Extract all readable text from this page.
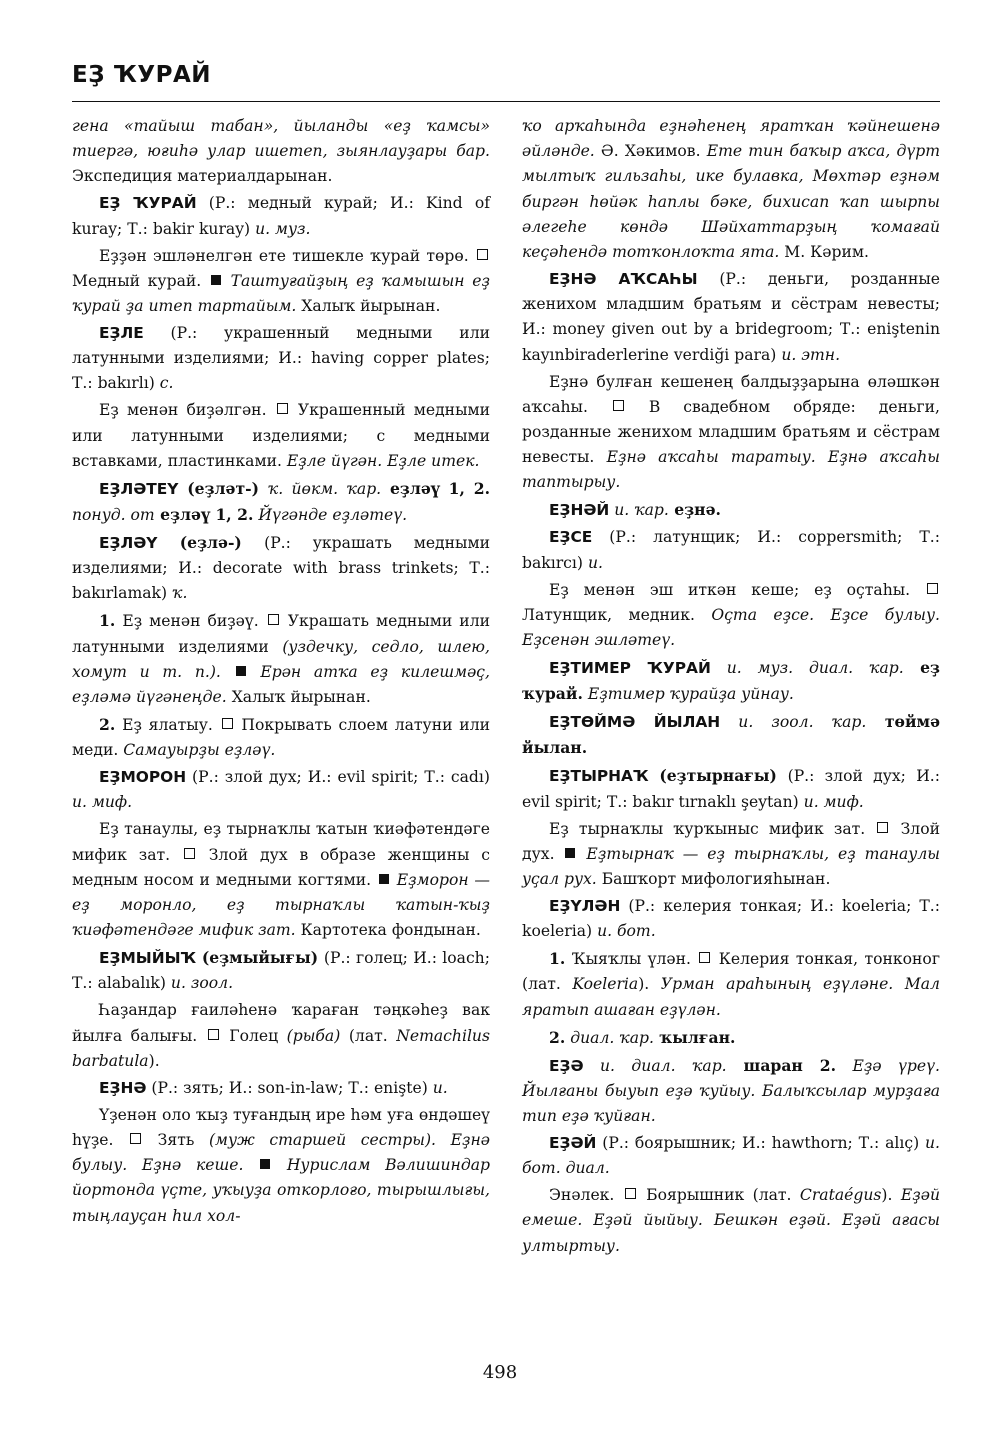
ЕҘ ҠУРАЙ

гена «тайыш табан», йыланды «еҙ ҡамсы» тиергә, юғиһә улар ишетеп, зыянлауҙары бар. Экспедиция материалдарынан.

ЕҘ ҠУРАЙ (Р.: медный курай; И.: Kind of kuray; Т.: bakir kuray) и. муз.

Еҙҙән эшләнелгән ете тишекле ҡурай төрө.  Медный курай.  Таштуғайҙың еҙ ҡамышын еҙ ҡурай ҙа итеп тартайым. Халыҡ йырынан.

ЕҘЛЕ (Р.: украшенный медными или латунными изделиями; И.: having copper plates; Т.: bakırlı) с.

Еҙ менән биҙәлгән.  Украшенный медными или латунными изделиями; с медными вставками, пластинками. Еҙле йүгән. Еҙле итек.

ЕҘЛӘТЕҮ (еҙләт-) ҡ. йөкм. ҡар. еҙләү 1, 2. понуд. от еҙләү 1, 2. Йүгәнде еҙләтеү.

ЕҘЛӘҮ (еҙлә-) (Р.: украшать медными изделиями; И.: decorate with brass trinkets; Т.: bakırlamak) ҡ.

1. Еҙ менән биҙәү.  Украшать медными или латунными изделиями (уздечку, седло, шлею, хомут и т. п.).  Ерән атҡа еҙ килешмәҫ, еҙләмә йүгәнеңде. Халыҡ йырынан.

2. Еҙ ялатыу.  Покрывать слоем латуни или меди. Самауырҙы еҙләү.

ЕҘМОРОН (Р.: злой дух; И.: evil spirit; Т.: cadı) и. миф.

Еҙ танаулы, еҙ тырнаҡлы ҡатын ҡиәфәтендәге мифик зат.  Злой дух в образе женщины с медным носом и медными когтями.  Еҙморон — еҙ моронло, еҙ тырнаҡлы ҡатын-ҡыҙ ҡиәфәтендәге мифик зат. Картотека фондынан.

ЕҘМЫЙЫҠ (еҙмыйығы) (Р.: голец; И.: loach; Т.: alabalık) и. зоол.

Һаҙандар ғаиләһенә ҡараған тәңкәһеҙ вак йылға балығы.  Голец (рыба) (лат. Nemachilus barbatula).

ЕҘНӘ (Р.: зять; И.: son-in-law; Т.: enişte) и.

Үҙенән оло ҡыҙ туғандың ире һәм уға өндәшеү һүҙе.  Зять (муж старшей сестры). Еҙнә булыу. Еҙнә кеше.  Нурислам Вәлишиндар йортонда үҫте, уҡыуҙа откорлоғо, тырышлығы, тыңлауҫан һил хол-

ҡо арҡаһында еҙнәһенең яратҡан ҡәйнешенә әйләнде. Ә. Хәкимов. Ете тин баҡыр аҡса, дүрт мылтыҡ гильзаһы, ике булавка, Мөхтәр еҙнәм биргән һөйәк һаплы бәке, бихисап ҡап шырпы әлегеһе көндә Шәйхаттарҙың ҡомағай кеҫәһендә тотҡонлоҡта ята. М. Кәрим.

ЕҘНӘ АҠСАҺЫ (Р.: деньги, розданные женихом младшим братьям и сёстрам невесты; И.: money given out by a bridegroom; Т.: eniştenin kayınbiraderlerine verdiği para) и. этн.

Еҙнә булған кешенең балдыҙҙарына өләшкән аҡсаһы.  В свадебном обряде: деньги, розданные женихом младшим братьям и сёстрам невесты. Еҙнә аҡсаһы таратыу. Еҙнә аҡсаһы таптырыу.

ЕҘНӘЙ и. ҡар. еҙнә.

ЕҘСЕ (Р.: латунщик; И.: coppersmith; Т.: bakırcı) и.

Еҙ менән эш иткән кеше; еҙ оҫтаһы.  Латунщик, медник. Оҫта еҙсе. Еҙсе булыу. Еҙсенән эшләтеү.

ЕҘТИМЕР ҠУРАЙ и. муз. диал. ҡар. еҙ ҡурай. Еҙтимер ҡурайҙа уйнау.

ЕҘТӨЙМӘ ЙЫЛАН и. зоол. ҡар. төймә йылан.

ЕҘТЫРНАҠ (еҙтырнағы) (Р.: злой дух; И.: evil spirit; Т.: bakır tırnaklı şeytan) и. миф.

Еҙ тырнаҡлы ҡурҡыныс мифик зат.  Злой дух.  Еҙтырнаҡ — еҙ тырнаҡлы, еҙ танаулы уҫал рух. Башҡорт мифологияһынан.

ЕҘҮЛӘН (Р.: келерия тонкая; И.: koeleria; Т.: koeleria) и. бот.

1. Ҡыяҡлы үлән.  Келерия тонкая, тонконог (лат. Koeleria). Урман араһының еҙүләне. Мал яратып ашаған еҙүлән.

2. диал. ҡар. ҡылған.

ЕҘӘ и. диал. ҡар. шаран 2. Еҙә үреү. Йылғаны быуып еҙә ҡуйыу. Балыҡсылар мурҙаға тип еҙә ҡуйған.

ЕҘӘЙ (Р.: боярышник; И.: hawthorn; Т.: alıç) и. бот. диал.

Энәлек.  Боярышник (лат. Crataégus). Еҙәй емеше. Еҙәй йыйыу. Бешкән еҙәй. Еҙәй ағасы ултыртыу.

498
